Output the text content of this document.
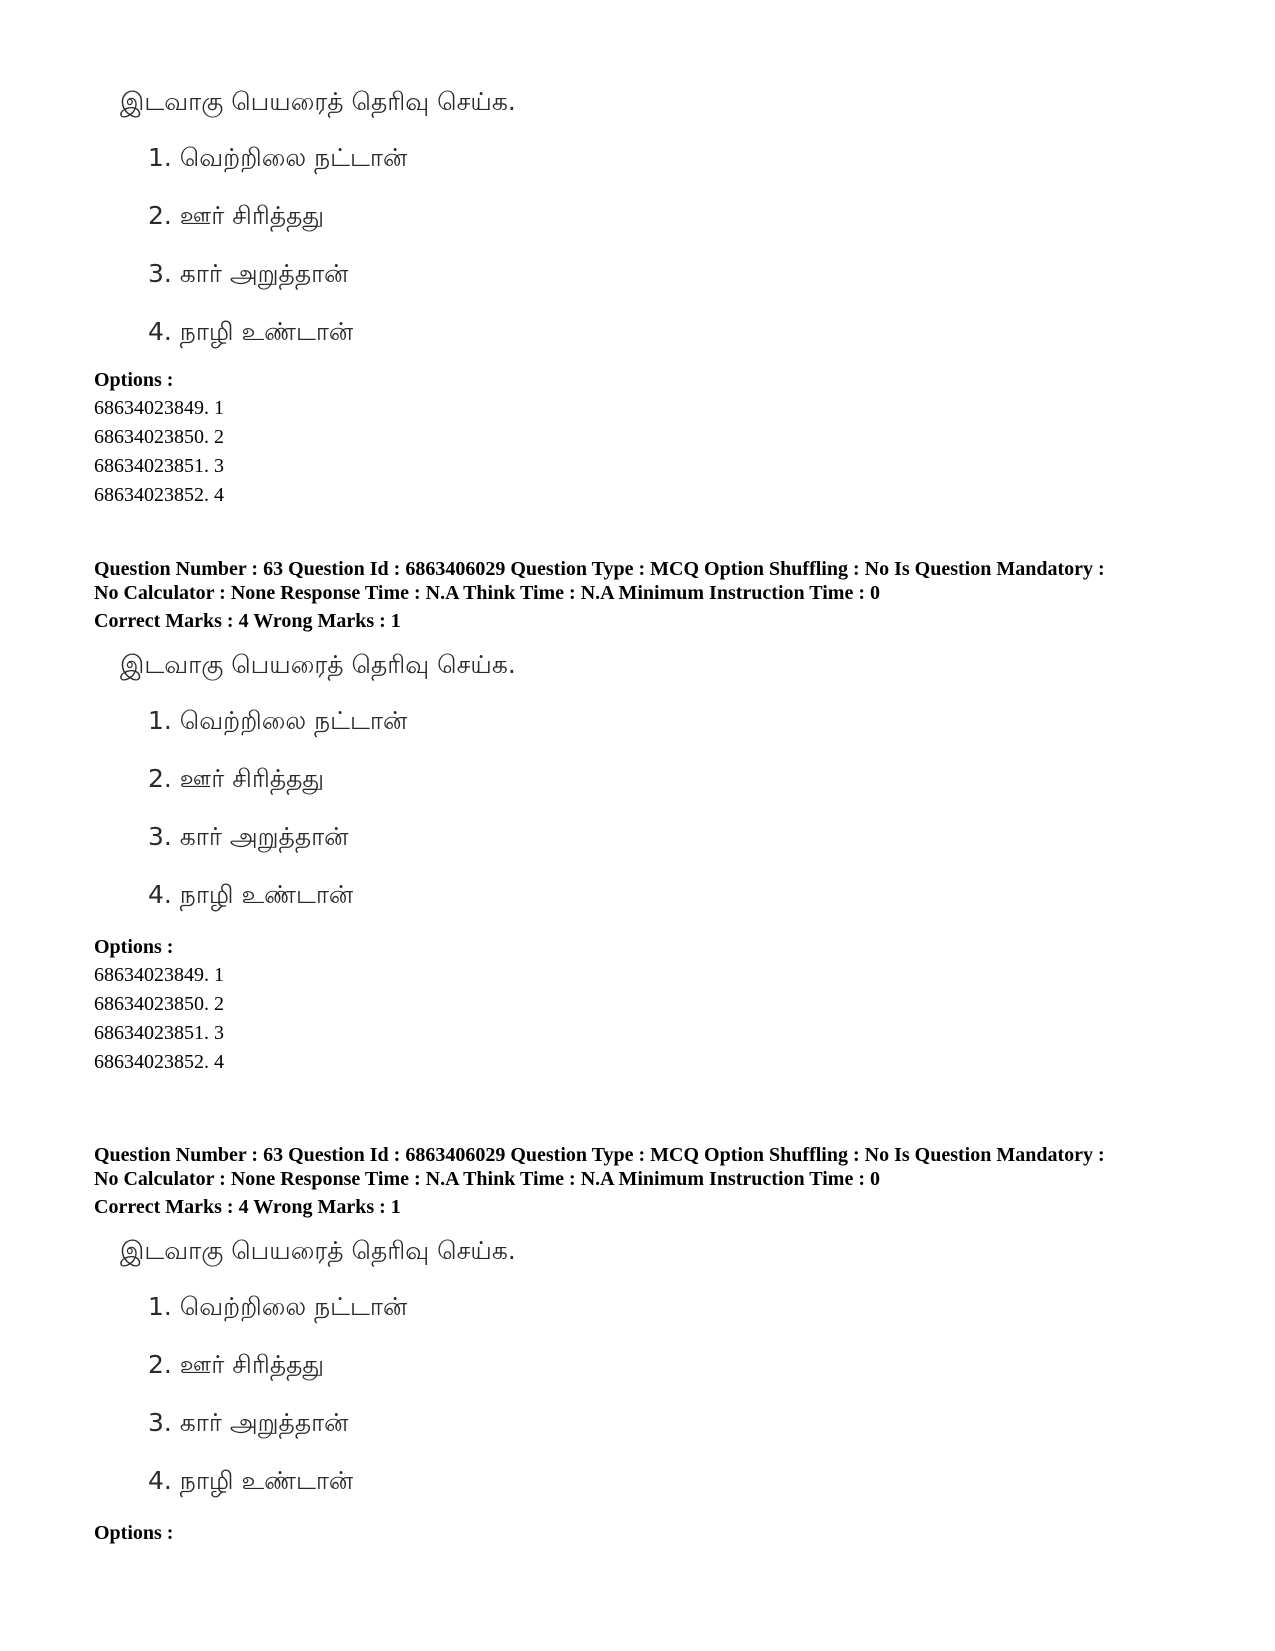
இடவாகு பெயரைத் தெரிவு செய்க.
1. வெற்றிலை நட்டான்
2. ஊர் சிரித்தது
3. கார் அறுத்தான்
4. நாழி உண்டான்

Options :

68634023849. 1

68634023850. 2

68634023851. 3

68634023852. 4

Question Number : 63 Question Id : 6863406029 Question Type : MCQ Option Shuffling : No Is Question Mandatory :

No Calculator : None Response Time : N.A Think Time : N.A Minimum Instruction Time : 0

Correct Marks : 4 Wrong Marks : 1

இடவாகு பெயரைத் தெரிவு செய்க.
1. வெற்றிலை நட்டான்
2. ஊர் சிரித்தது
3. கார் அறுத்தான்
4. நாழி உண்டான்

Options :

68634023849. 1

68634023850. 2

68634023851. 3

68634023852. 4

Question Number : 63 Question Id : 6863406029 Question Type : MCQ Option Shuffling : No Is Question Mandatory :

No Calculator : None Response Time : N.A Think Time : N.A Minimum Instruction Time : 0

Correct Marks : 4 Wrong Marks : 1

இடவாகு பெயரைத் தெரிவு செய்க.
1. வெற்றிலை நட்டான்
2. ஊர் சிரித்தது
3. கார் அறுத்தான்
4. நாழி உண்டான்

Options :
